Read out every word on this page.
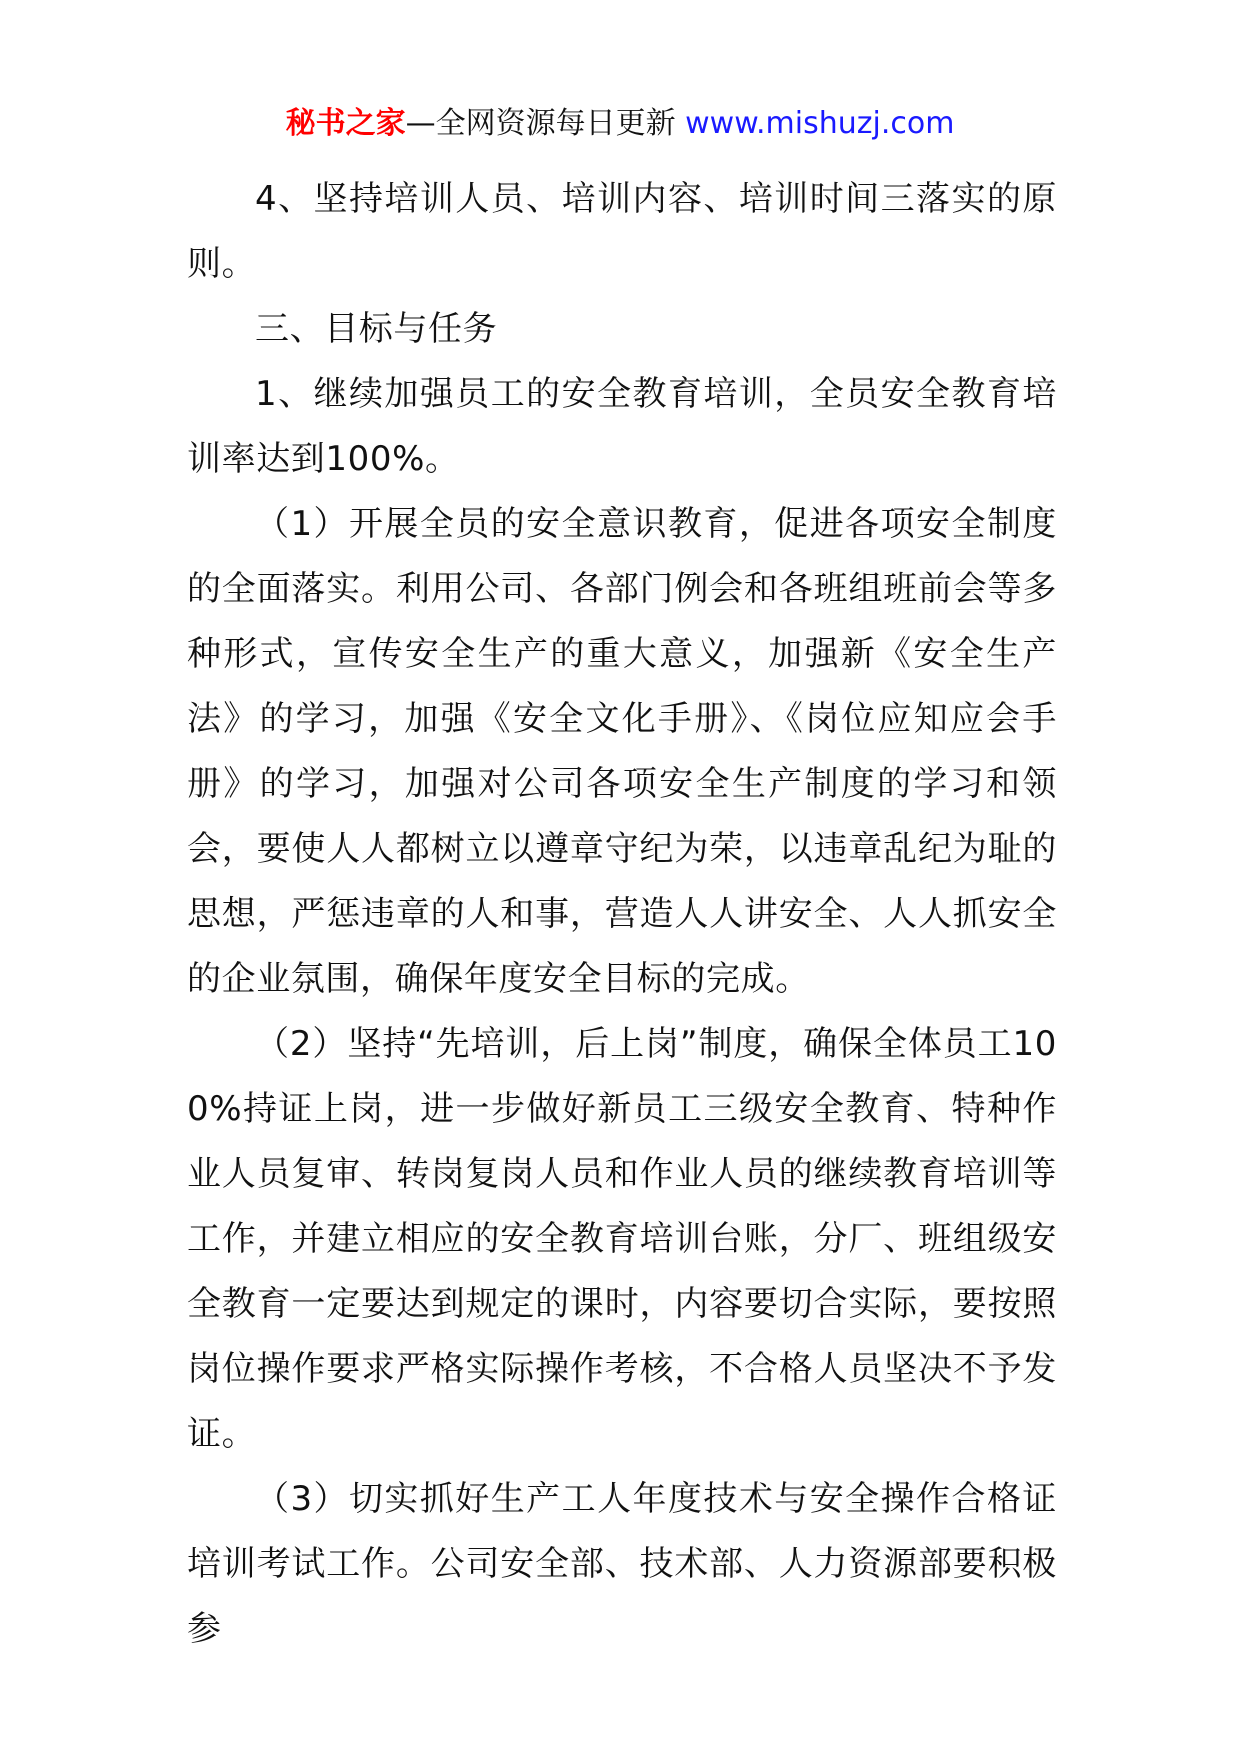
秘书之家—全网资源每日更新 www.mishuzj.com

4、坚持培训人员、培训内容、培训时间三落实的原则。

三、目标与任务

1、继续加强员工的安全教育培训，全员安全教育培训率达到100%。

（1）开展全员的安全意识教育，促进各项安全制度的全面落实。利用公司、各部门例会和各班组班前会等多种形式，宣传安全生产的重大意义，加强新《安全生产法》的学习，加强《安全文化手册》、《岗位应知应会手册》的学习，加强对公司各项安全生产制度的学习和领会，要使人人都树立以遵章守纪为荣，以违章乱纪为耻的思想，严惩违章的人和事，营造人人讲安全、人人抓安全的企业氛围，确保年度安全目标的完成。

（2）坚持“先培训，后上岗”制度，确保全体员工100%持证上岗，进一步做好新员工三级安全教育、特种作业人员复审、转岗复岗人员和作业人员的继续教育培训等工作，并建立相应的安全教育培训台账，分厂、班组级安全教育一定要达到规定的课时，内容要切合实际，要按照岗位操作要求严格实际操作考核，不合格人员坚决不予发证。

（3）切实抓好生产工人年度技术与安全操作合格证培训考试工作。公司安全部、技术部、人力资源部要积极参
